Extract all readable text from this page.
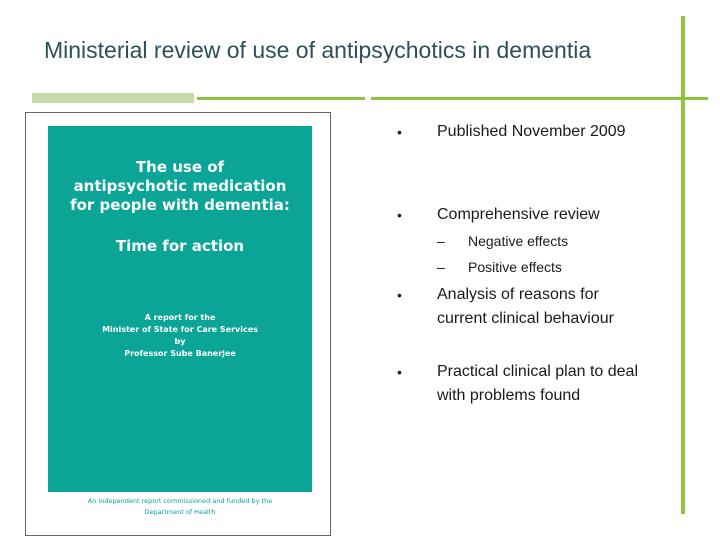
Ministerial review of use of antipsychotics in dementia
The use of
antipsychotic medication
for people with dementia:
Time for action
A report for the
Minister of State for Care Services
by
Professor Sube Banerjee
An independent report commissioned and funded by the
Department of Health
• Published November 2009
• Comprehensive review
– Negative effects
– Positive effects
• Analysis of reasons for current clinical behaviour
• Practical clinical plan to deal with problems found
